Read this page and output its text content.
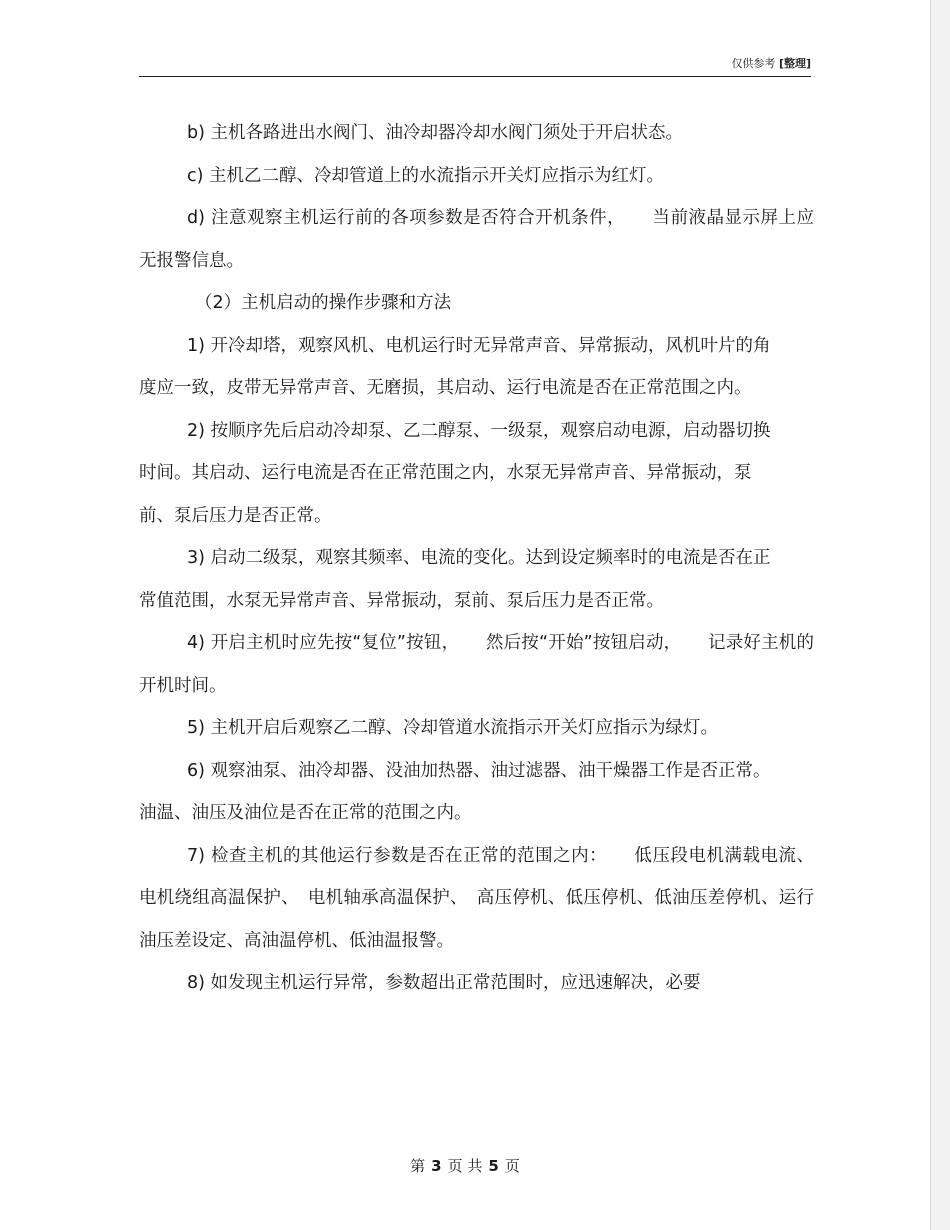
仅供参考 [整理]

b) 主机各路进出水阀门、油冷却器冷却水阀门须处于开启状态。

c) 主机乙二醇、冷却管道上的水流指示开关灯应指示为红灯。

d) 注意观察主机运行前的各项参数是否符合开机条件，　　当前液晶显示屏上应无报警信息。

（2）主机启动的操作步骤和方法

1) 开冷却塔，观察风机、电机运行时无异常声音、异常振动，风机叶片的角度应一致，皮带无异常声音、无磨损，其启动、运行电流是否在正常范围之内。

2) 按顺序先后启动冷却泵、乙二醇泵、一级泵，观察启动电源，启动器切换时间。其启动、运行电流是否在正常范围之内，水泵无异常声音、异常振动，泵前、泵后压力是否正常。

3) 启动二级泵，观察其频率、电流的变化。达到设定频率时的电流是否在正常值范围，水泵无异常声音、异常振动，泵前、泵后压力是否正常。

4) 开启主机时应先按“复位”按钮，　　然后按“开始”按钮启动，　　记录好主机的开机时间。

5) 主机开启后观察乙二醇、冷却管道水流指示开关灯应指示为绿灯。

6) 观察油泵、油冷却器、没油加热器、油过滤器、油干燥器工作是否正常。油温、油压及油位是否在正常的范围之内。

7) 检查主机的其他运行参数是否在正常的范围之内：　　低压段电机满载电流、电机绕组高温保护、　电机轴承高温保护、　高压停机、低压停机、低油压差停机、运行油压差设定、高油温停机、低油温报警。

8) 如发现主机运行异常，参数超出正常范围时，应迅速解决，必要

第 3 页 共 5 页
